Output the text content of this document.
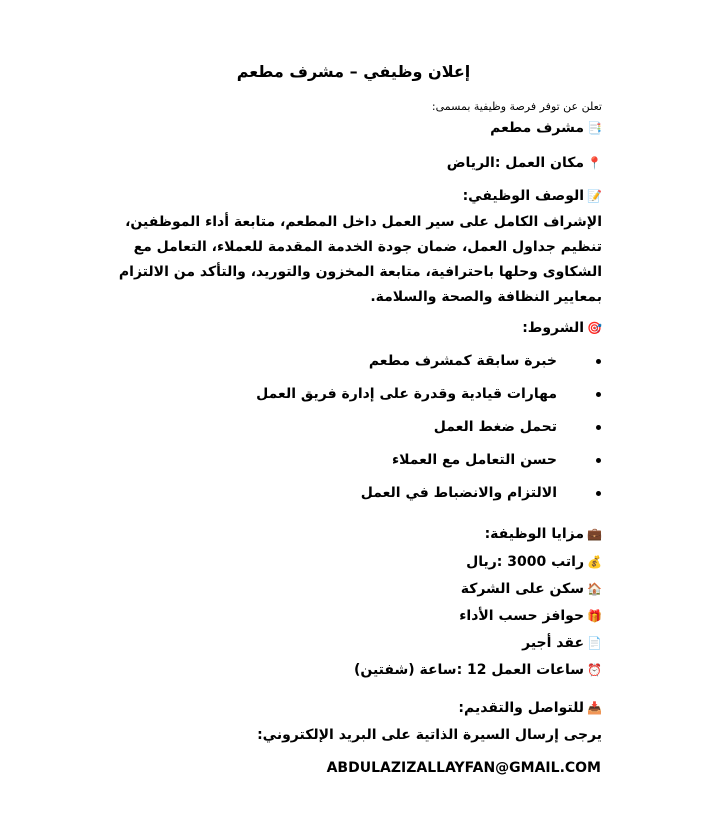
إعلان وظيفي – مشرف مطعم
تعلن عن توفر فرصة وظيفية بمسمى:
📑مشرف مطعم
📍مكان العمل :الرياض
📝الوصف الوظيفي:
الإشراف الكامل على سير العمل داخل المطعم، متابعة أداء الموظفين، تنظيم جداول العمل، ضمان جودة الخدمة المقدمة للعملاء، التعامل مع الشكاوى وحلها باحترافية، متابعة المخزون والتوريد، والتأكد من الالتزام بمعايير النظافة والصحة والسلامة.
🎯الشروط:
خبرة سابقة كمشرف مطعم
مهارات قيادية وقدرة على إدارة فريق العمل
تحمل ضغط العمل
حسن التعامل مع العملاء
الالتزام والانضباط في العمل
💼مزايا الوظيفة:
💰راتب 3000 :ريال
🏠سكن على الشركة
🎁حوافز حسب الأداء
📄عقد أجير
⏰ساعات العمل 12 :ساعة (شفتين)
📥للتواصل والتقديم:
يرجى إرسال السيرة الذاتية على البريد الإلكتروني:
ABDULAZIZALLAYFAN@GMAIL.COM
